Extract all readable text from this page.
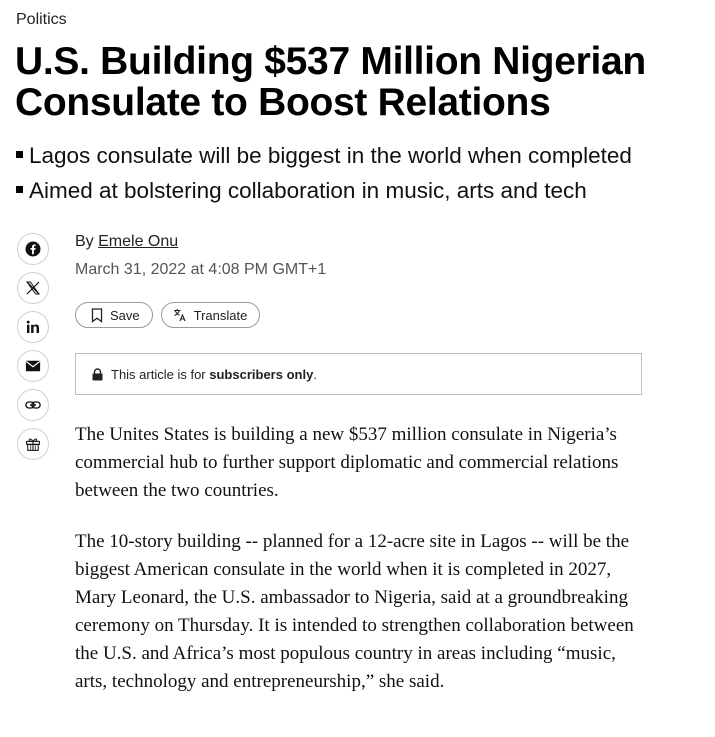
Politics
U.S. Building $537 Million Nigerian Consulate to Boost Relations
Lagos consulate will be biggest in the world when completed
Aimed at bolstering collaboration in music, arts and tech
By Emele Onu
March 31, 2022 at 4:08 PM GMT+1
Save	Translate
This article is for subscribers only.

The Unites States is building a new $537 million consulate in Nigeria’s commercial hub to further support diplomatic and commercial relations between the two countries.

The 10-story building -- planned for a 12-acre site in Lagos -- will be the biggest American consulate in the world when it is completed in 2027, Mary Leonard, the U.S. ambassador to Nigeria, said at a groundbreaking ceremony on Thursday. It is intended to strengthen collaboration between the U.S. and Africa’s most populous country in areas including “music, arts, technology and entrepreneurship,” she said.
